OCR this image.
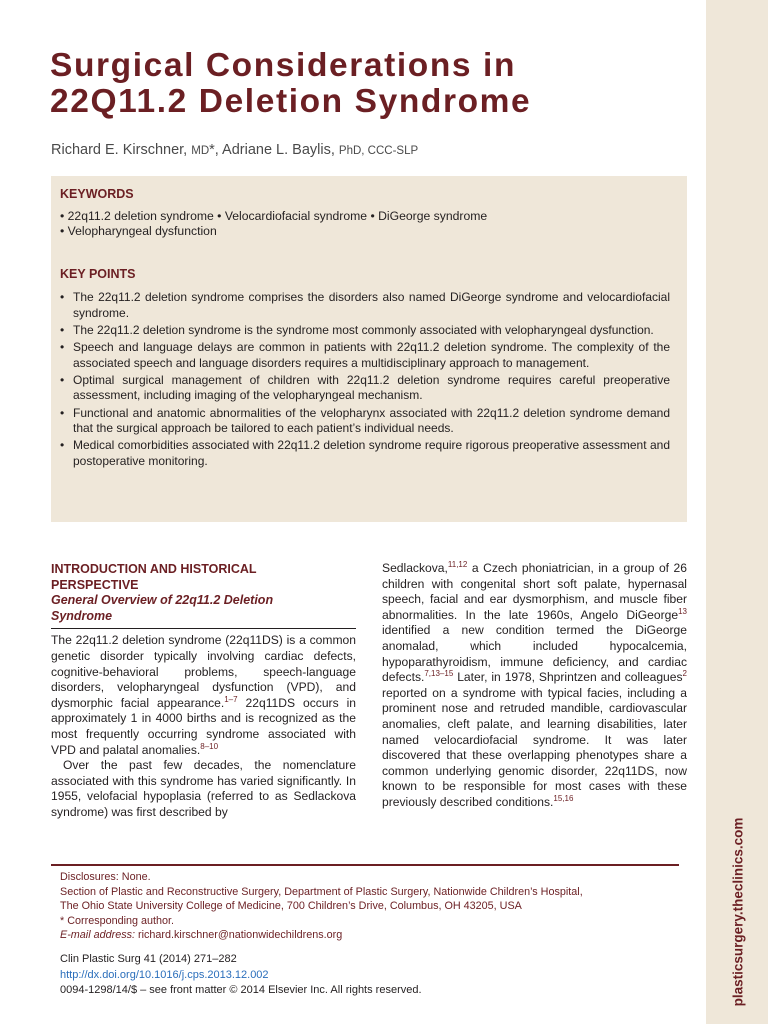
plasticsurgery.theclinics.com
Surgical Considerations in
22Q11.2 Deletion Syndrome
Richard E. Kirschner, MD*, Adriane L. Baylis, PhD, CCC-SLP
KEYWORDS
• 22q11.2 deletion syndrome • Velocardiofacial syndrome • DiGeorge syndrome
• Velopharyngeal dysfunction
KEY POINTS
• The 22q11.2 deletion syndrome comprises the disorders also named DiGeorge syndrome and velocardiofacial syndrome.
• The 22q11.2 deletion syndrome is the syndrome most commonly associated with velopharyngeal dysfunction.
• Speech and language delays are common in patients with 22q11.2 deletion syndrome. The complexity of the associated speech and language disorders requires a multidisciplinary approach to management.
• Optimal surgical management of children with 22q11.2 deletion syndrome requires careful preoperative assessment, including imaging of the velopharyngeal mechanism.
• Functional and anatomic abnormalities of the velopharynx associated with 22q11.2 deletion syndrome demand that the surgical approach be tailored to each patient’s individual needs.
• Medical comorbidities associated with 22q11.2 deletion syndrome require rigorous preoperative assessment and postoperative monitoring.
INTRODUCTION AND HISTORICAL
PERSPECTIVE
General Overview of 22q11.2 Deletion
Syndrome

The 22q11.2 deletion syndrome (22q11DS) is a common genetic disorder typically involving cardiac defects, cognitive-behavioral problems, speech-language disorders, velopharyngeal dysfunction (VPD), and dysmorphic facial appearance.$^{1-7}$ 22q11DS occurs in approximately 1 in 4000 births and is recognized as the most frequently occurring syndrome associated with VPD and palatal anomalies.$^{8-10}$

Over the past few decades, the nomenclature associated with this syndrome has varied significantly. In 1955, velofacial hypoplasia (referred to as Sedlackova syndrome) was first described by

Sedlackova,$^{11,12}$ a Czech phoniatrician, in a group of 26 children with congenital short soft palate, hypernasal speech, facial and ear dysmorphism, and muscle fiber abnormalities. In the late 1960s, Angelo DiGeorge$^{13}$ identified a new condition termed the DiGeorge anomalad, which included hypocalcemia, hypoparathyroidism, immune deficiency, and cardiac defects.$^{7,13-15}$ Later, in 1978, Shprintzen and colleagues$^2$ reported on a syndrome with typical facies, including a prominent nose and retruded mandible, cardiovascular anomalies, cleft palate, and learning disabilities, later named velocardiofacial syndrome. It was later discovered that these overlapping phenotypes share a common underlying genomic disorder, 22q11DS, now known to be responsible for most cases with these previously described conditions.$^{15,16}$

Disclosures: None.
Section of Plastic and Reconstructive Surgery, Department of Plastic Surgery, Nationwide Children’s Hospital,
The Ohio State University College of Medicine, 700 Children’s Drive, Columbus, OH 43205, USA
* Corresponding author.
E-mail address: richard.kirschner@nationwidechildrens.org
Clin Plastic Surg 41 (2014) 271–282
http://dx.doi.org/10.1016/j.cps.2013.12.002
0094-1298/14/$ – see front matter © 2014 Elsevier Inc. All rights reserved.
